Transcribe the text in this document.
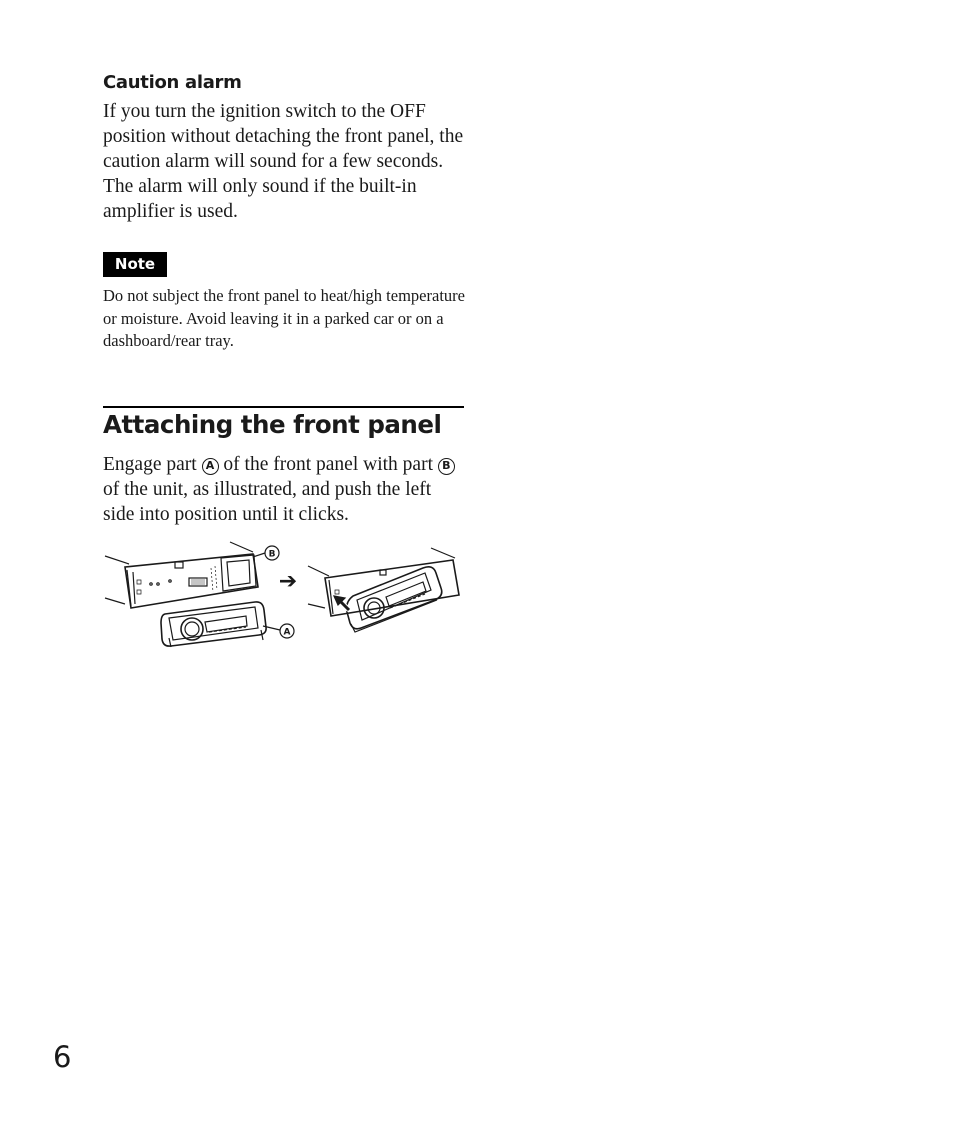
Caution alarm

If you turn the ignition switch to the OFF position without detaching the front panel, the caution alarm will sound for a few seconds. The alarm will only sound if the built-in amplifier is used.

Note

Do not subject the front panel to heat/high temperature or moisture. Avoid leaving it in a parked car or on a dashboard/rear tray.

Attaching the front panel

Engage part A of the front panel with part B of the unit, as illustrated, and push the left side into position until it clicks.

B
A
➔
6
